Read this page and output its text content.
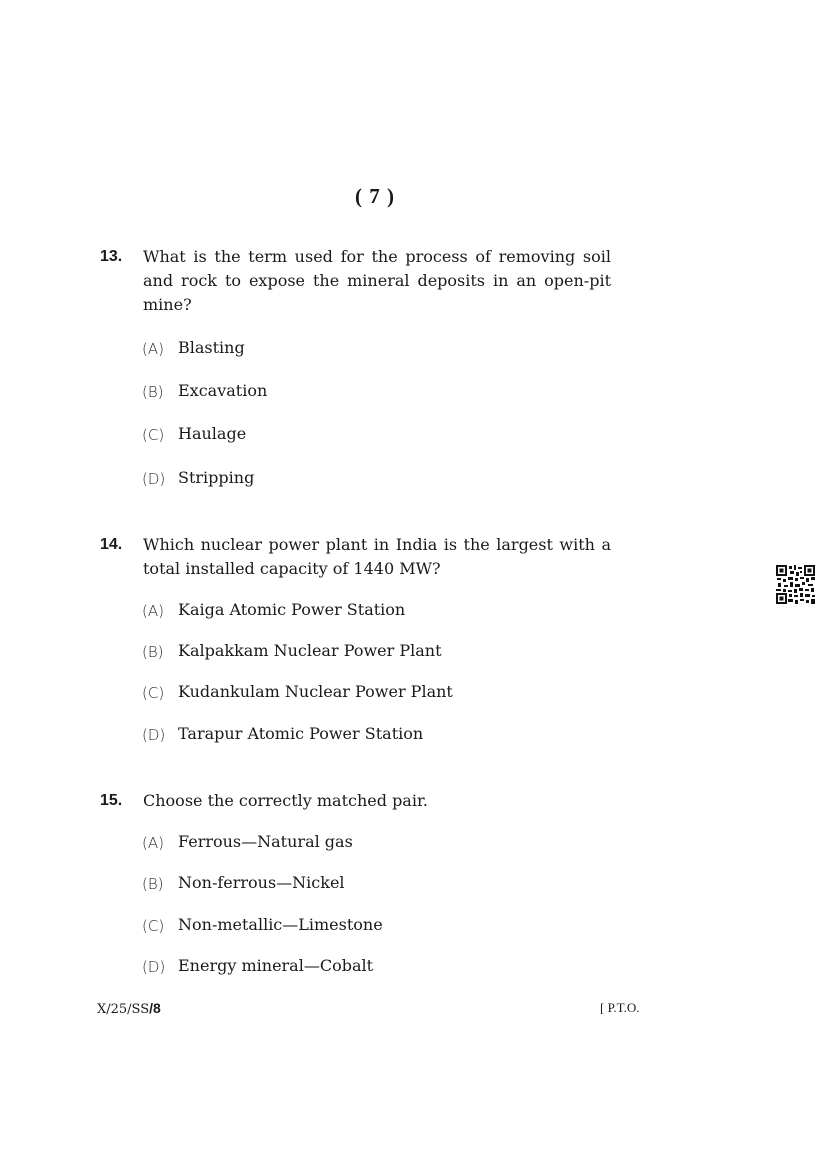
( 7 )
13. What is the term used for the process of removing soil and rock to expose the mineral deposits in an open-pit mine?
(A) Blasting
(B) Excavation
(C) Haulage
(D) Stripping
14. Which nuclear power plant in India is the largest with a total installed capacity of 1440 MW?
(A) Kaiga Atomic Power Station
(B) Kalpakkam Nuclear Power Plant
(C) Kudankulam Nuclear Power Plant
(D) Tarapur Atomic Power Station
15. Choose the correctly matched pair.
(A) Ferrous—Natural gas
(B) Non-ferrous—Nickel
(C) Non-metallic—Limestone
(D) Energy mineral—Cobalt
X/25/SS/8	[ P.T.O.
